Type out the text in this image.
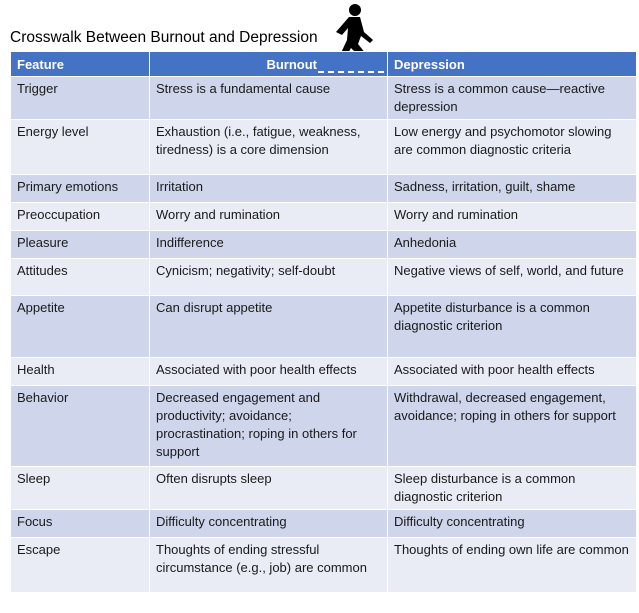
Crosswalk Between Burnout and Depression
Feature	Burnout	Depression
Trigger	Stress is a fundamental cause	Stress is a common cause—reactive depression
Energy level	Exhaustion (i.e., fatigue, weakness, tiredness) is a core dimension	Low energy and psychomotor slowing are common diagnostic criteria
Primary emotions	Irritation	Sadness, irritation, guilt, shame
Preoccupation	Worry and rumination	Worry and rumination
Pleasure	Indifference	Anhedonia
Attitudes	Cynicism; negativity; self-doubt	Negative views of self, world, and future
Appetite	Can disrupt appetite	Appetite disturbance is a common diagnostic criterion
Health	Associated with poor health effects	Associated with poor health effects
Behavior	Decreased engagement and productivity; avoidance; procrastination; roping in others for support	Withdrawal, decreased engagement, avoidance; roping in others for support
Sleep	Often disrupts sleep	Sleep disturbance is a common diagnostic criterion
Focus	Difficulty concentrating	Difficulty concentrating
Escape	Thoughts of ending stressful circumstance (e.g., job) are common	Thoughts of ending own life are common
